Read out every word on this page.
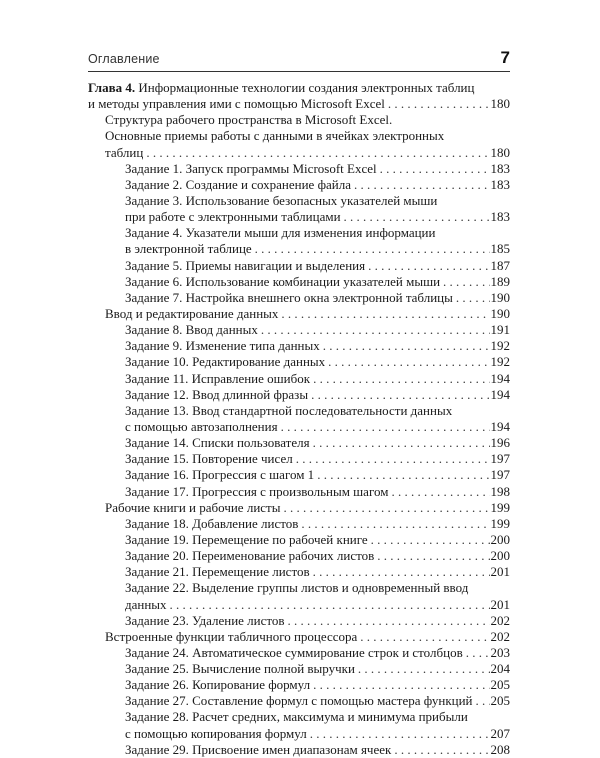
Оглавление	7
Глава 4. Информационные технологии создания электронных таблиц
и методы управления ими с помощью Microsoft Excel . . .	180
Структура рабочего пространства в Microsoft Excel.
Основные приемы работы с данными в ячейках электронных
таблиц . . .	180
Задание 1. Запуск программы Microsoft Excel . . .	183
Задание 2. Создание и сохранение файла . . .	183
Задание 3. Использование безопасных указателей мыши
при работе с электронными таблицами . . .	183
Задание 4. Указатели мыши для изменения информации
в электронной таблице . . .	185
Задание 5. Приемы навигации и выделения . . .	187
Задание 6. Использование комбинации указателей мыши . . .	189
Задание 7. Настройка внешнего окна электронной таблицы . . .	190
Ввод и редактирование данных . . .	190
Задание 8. Ввод данных . . .	191
Задание 9. Изменение типа данных . . .	192
Задание 10. Редактирование данных . . .	192
Задание 11. Исправление ошибок . . .	194
Задание 12. Ввод длинной фразы . . .	194
Задание 13. Ввод стандартной последовательности данных
с помощью автозаполнения . . .	194
Задание 14. Списки пользователя . . .	196
Задание 15. Повторение чисел . . .	197
Задание 16. Прогрессия с шагом 1 . . .	197
Задание 17. Прогрессия с произвольным шагом . . .	198
Рабочие книги и рабочие листы . . .	199
Задание 18. Добавление листов . . .	199
Задание 19. Перемещение по рабочей книге . . .	200
Задание 20. Переименование рабочих листов . . .	200
Задание 21. Перемещение листов . . .	201
Задание 22. Выделение группы листов и одновременный ввод
данных . . .	201
Задание 23. Удаление листов . . .	202
Встроенные функции табличного процессора . . .	202
Задание 24. Автоматическое суммирование строк и столбцов . . . 203
Задание 25. Вычисление полной выручки . . .	204
Задание 26. Копирование формул . . .	205
Задание 27. Составление формул с помощью мастера функций . . . 205
Задание 28. Расчет средних, максимума и минимума прибыли
с помощью копирования формул . . .	207
Задание 29. Присвоение имен диапазонам ячеек . . .	208
